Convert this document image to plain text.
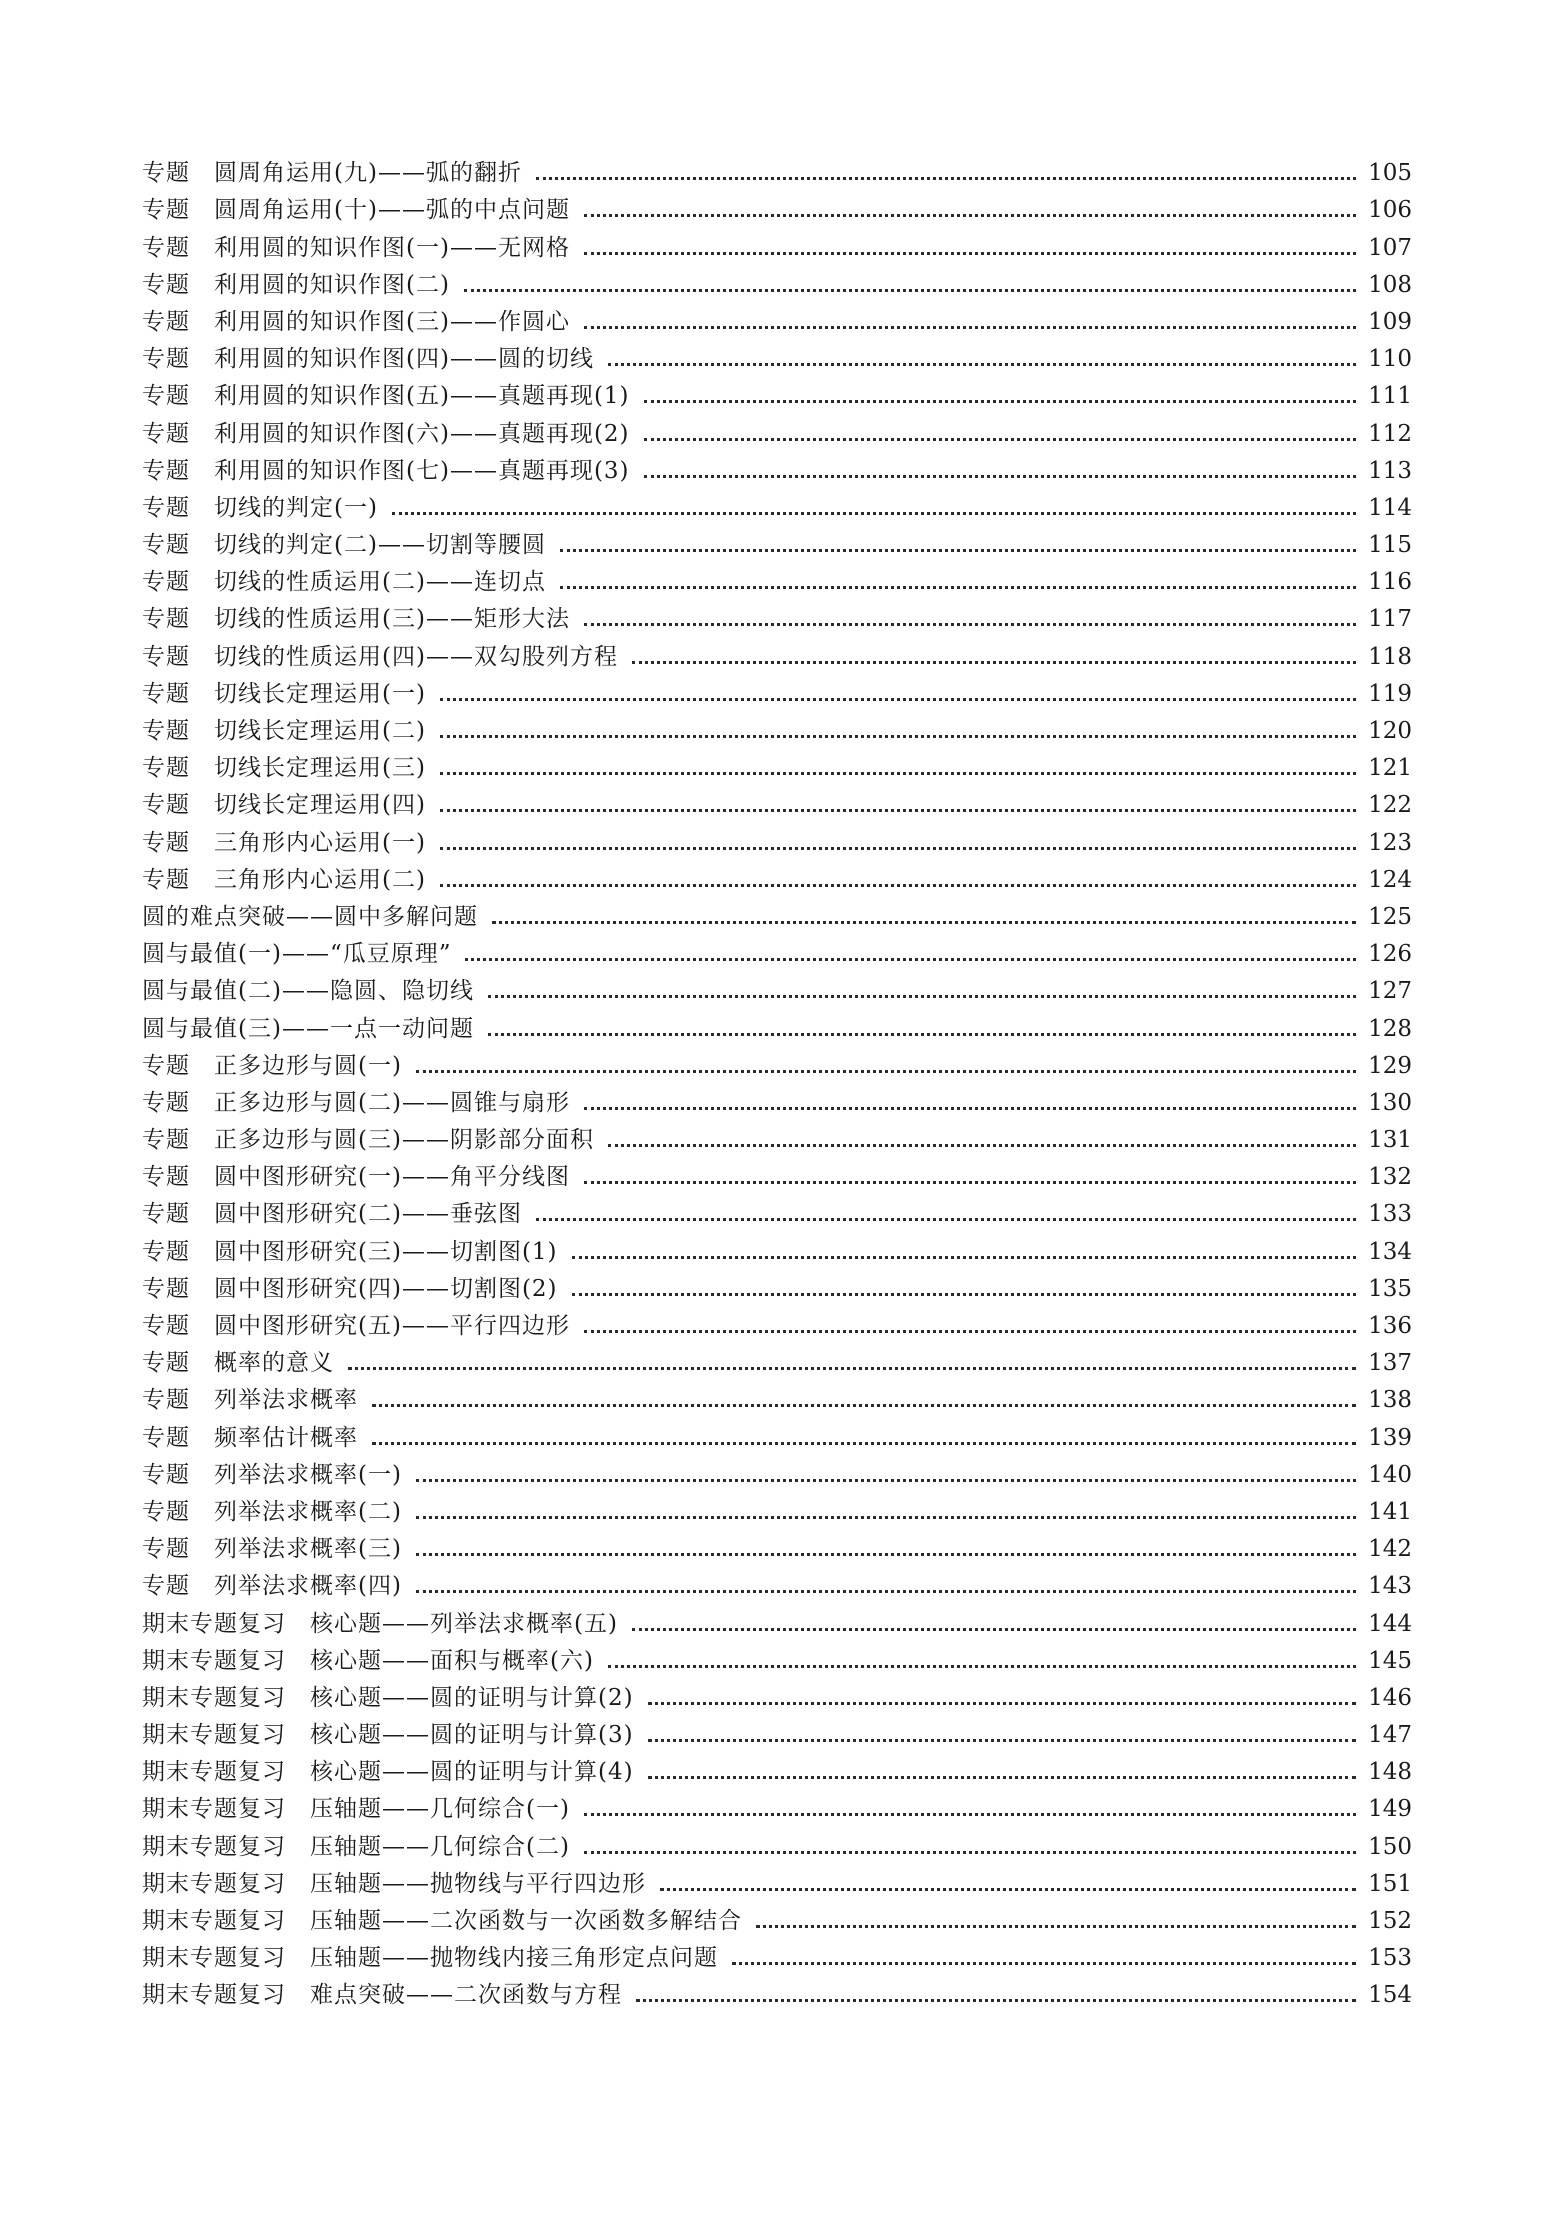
专题 圆周角运用(九)——弧的翻折	105
专题 圆周角运用(十)——弧的中点问题	106
专题 利用圆的知识作图(一)——无网格	107
专题 利用圆的知识作图(二)	108
专题 利用圆的知识作图(三)——作圆心	109
专题 利用圆的知识作图(四)——圆的切线	110
专题 利用圆的知识作图(五)——真题再现(1)	111
专题 利用圆的知识作图(六)——真题再现(2)	112
专题 利用圆的知识作图(七)——真题再现(3)	113
专题 切线的判定(一)	114
专题 切线的判定(二)——切割等腰圆	115
专题 切线的性质运用(二)——连切点	116
专题 切线的性质运用(三)——矩形大法	117
专题 切线的性质运用(四)——双勾股列方程	118
专题 切线长定理运用(一)	119
专题 切线长定理运用(二)	120
专题 切线长定理运用(三)	121
专题 切线长定理运用(四)	122
专题 三角形内心运用(一)	123
专题 三角形内心运用(二)	124
圆的难点突破——圆中多解问题	125
圆与最值(一)——“瓜豆原理”	126
圆与最值(二)——隐圆、隐切线	127
圆与最值(三)——一点一动问题	128
专题 正多边形与圆(一)	129
专题 正多边形与圆(二)——圆锥与扇形	130
专题 正多边形与圆(三)——阴影部分面积	131
专题 圆中图形研究(一)——角平分线图	132
专题 圆中图形研究(二)——垂弦图	133
专题 圆中图形研究(三)——切割图(1)	134
专题 圆中图形研究(四)——切割图(2)	135
专题 圆中图形研究(五)——平行四边形	136
专题 概率的意义	137
专题 列举法求概率	138
专题 频率估计概率	139
专题 列举法求概率(一)	140
专题 列举法求概率(二)	141
专题 列举法求概率(三)	142
专题 列举法求概率(四)	143
期末专题复习 核心题——列举法求概率(五)	144
期末专题复习 核心题——面积与概率(六)	145
期末专题复习 核心题——圆的证明与计算(2)	146
期末专题复习 核心题——圆的证明与计算(3)	147
期末专题复习 核心题——圆的证明与计算(4)	148
期末专题复习 压轴题——几何综合(一)	149
期末专题复习 压轴题——几何综合(二)	150
期末专题复习 压轴题——抛物线与平行四边形	151
期末专题复习 压轴题——二次函数与一次函数多解结合	152
期末专题复习 压轴题——抛物线内接三角形定点问题	153
期末专题复习 难点突破——二次函数与方程	154
